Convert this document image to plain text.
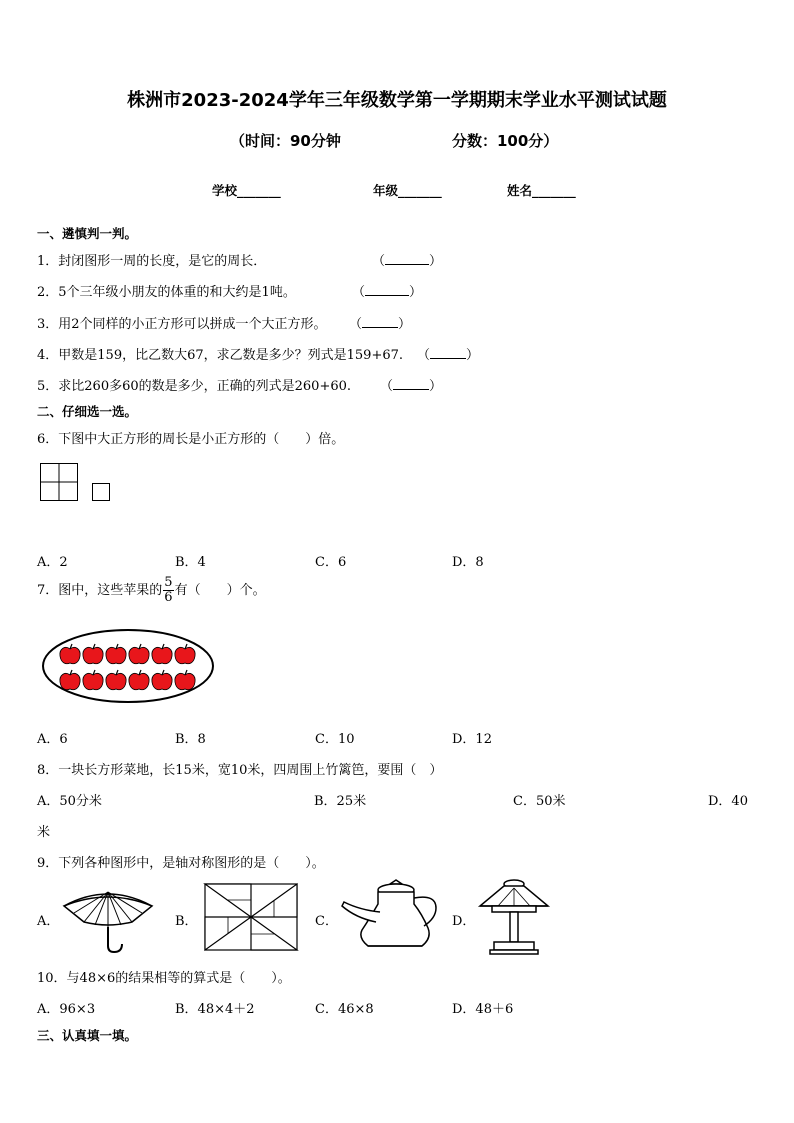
株洲市2023-2024学年三年级数学第一学期期末学业水平测试试题
（时间：90分钟	分数：100分）
学校_______	年级_______	姓名_______
一、遴慎判一判。
1．封闭图形一周的长度，是它的周长．	（	）
2．5个三年级小朋友的体重的和大约是1吨。	（	）
3．用2个同样的小正方形可以拼成一个大正方形。 （	）
4．甲数是159，比乙数大67，求乙数是多少？列式是159+67. （	）
5．求比260多60的数是多少，正确的列式是260+60. （	）
二、仔细选一选。
6．下图中大正方形的周长是小正方形的（　　）倍。
A．2	B．4	C．6	D．8
7．图中，这些苹果的 $\frac{5}{6}$ 有（　　）个。
A．6	B．8	C．10	D．12
8．一块长方形菜地，长15米，宽10米，四周围上竹篱笆，要围（　）
A．50分米	B．25米	C．50米	D．40
米
9．下列各种图形中，是轴对称图形的是（　　）。
A．	B．	C．	D．
10．与48×6的结果相等的算式是（　　）。
A．96×3	B．48×4＋2	C．46×8	D．48＋6
三、认真填一填。
